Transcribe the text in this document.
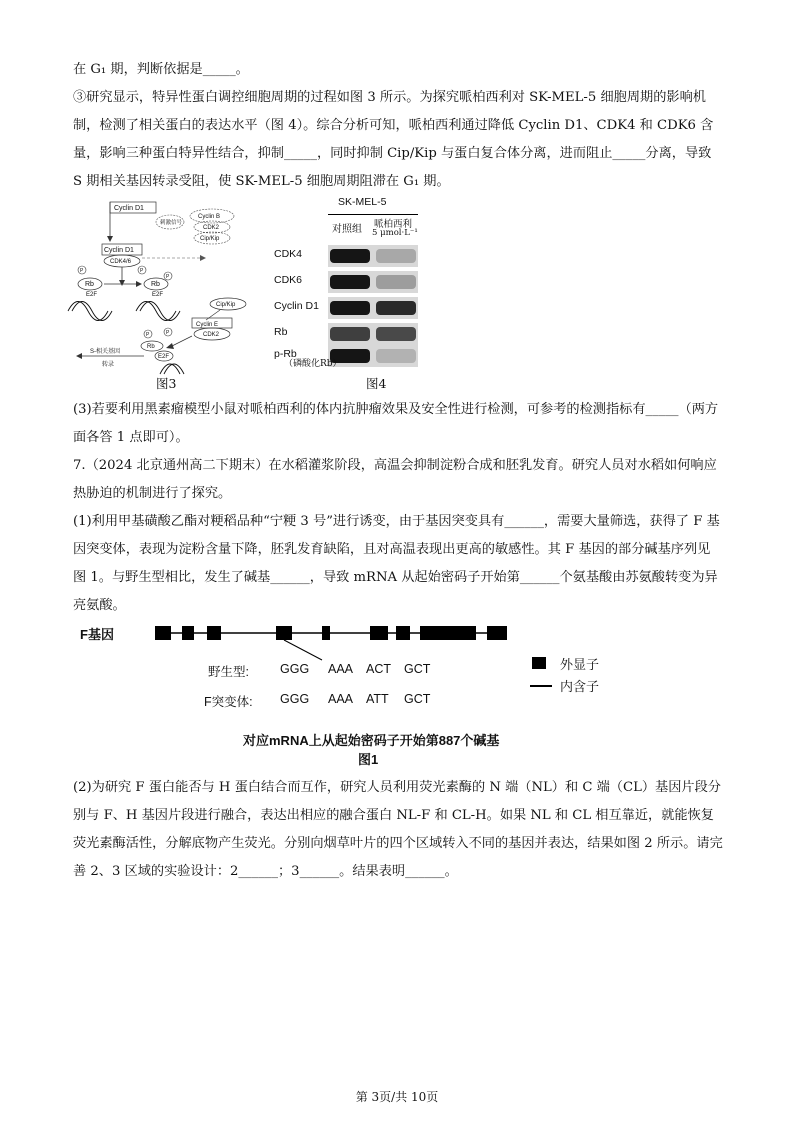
在 G₁ 期，判断依据是_____。

③研究显示，特异性蛋白调控细胞周期的过程如图 3 所示。为探究哌柏西利对 SK-MEL-5 细胞周期的影响机制，检测了相关蛋白的表达水平（图 4）。综合分析可知，哌柏西利通过降低 Cyclin D1、CDK4 和 CDK6 含量，影响三种蛋白特异性结合，抑制_____，同时抑制 Cip/Kip 与蛋白复合体分离，进而阻止_____分离，导致 S 期相关基因转录受阻，使 SK-MEL-5 细胞周期阻滞在 G₁ 期。

Cyclin D1
刺激信号
Cyclin B
CDK2
Cip/Kip
Cyclin D1
CDK4/6
P
Rb
E2F
P
P
Rb
E2F
Cip/Kip
Cyclin E
CDK2
P	P
Rb
E2F
S-相关基因
转录
图3
SK-MEL-5
对照组 哌柏西利
5 μmol·L⁻¹
CDK4
CDK6
Cyclin D1
Rb
p-Rb
（磷酸化Rb）
图4

(3)若要利用黑素瘤模型小鼠对哌柏西利的体内抗肿瘤效果及安全性进行检测，可参考的检测指标有_____（两方面各答 1 点即可）。

7.（2024 北京通州高二下期末）在水稻灌浆阶段，高温会抑制淀粉合成和胚乳发育。研究人员对水稻如何响应热胁迫的机制进行了探究。

(1)利用甲基磺酸乙酯对粳稻品种“宁粳 3 号”进行诱变，由于基因突变具有______，需要大量筛选，获得了 F 基因突变体，表现为淀粉含量下降，胚乳发育缺陷，且对高温表现出更高的敏感性。其 F 基因的部分碱基序列见图 1。与野生型相比，发生了碱基______，导致 mRNA 从起始密码子开始第______个氨基酸由苏氨酸转变为异亮氨酸。

F基因
野生型: GGG AAA ACT GCT
F突变体: GGG AAA ATT GCT
外显子
内含子
对应mRNA上从起始密码子开始第887个碱基
图1

(2)为研究 F 蛋白能否与 H 蛋白结合而互作，研究人员利用荧光素酶的 N 端（NL）和 C 端（CL）基因片段分别与 F、H 基因片段进行融合，表达出相应的融合蛋白 NL-F 和 CL-H。如果 NL 和 CL 相互靠近，就能恢复荧光素酶活性，分解底物产生荧光。分别向烟草叶片的四个区域转入不同的基因并表达，结果如图 2 所示。请完善 2、3 区域的实验设计：2______；3______。结果表明______。

第 3页/共 10页
